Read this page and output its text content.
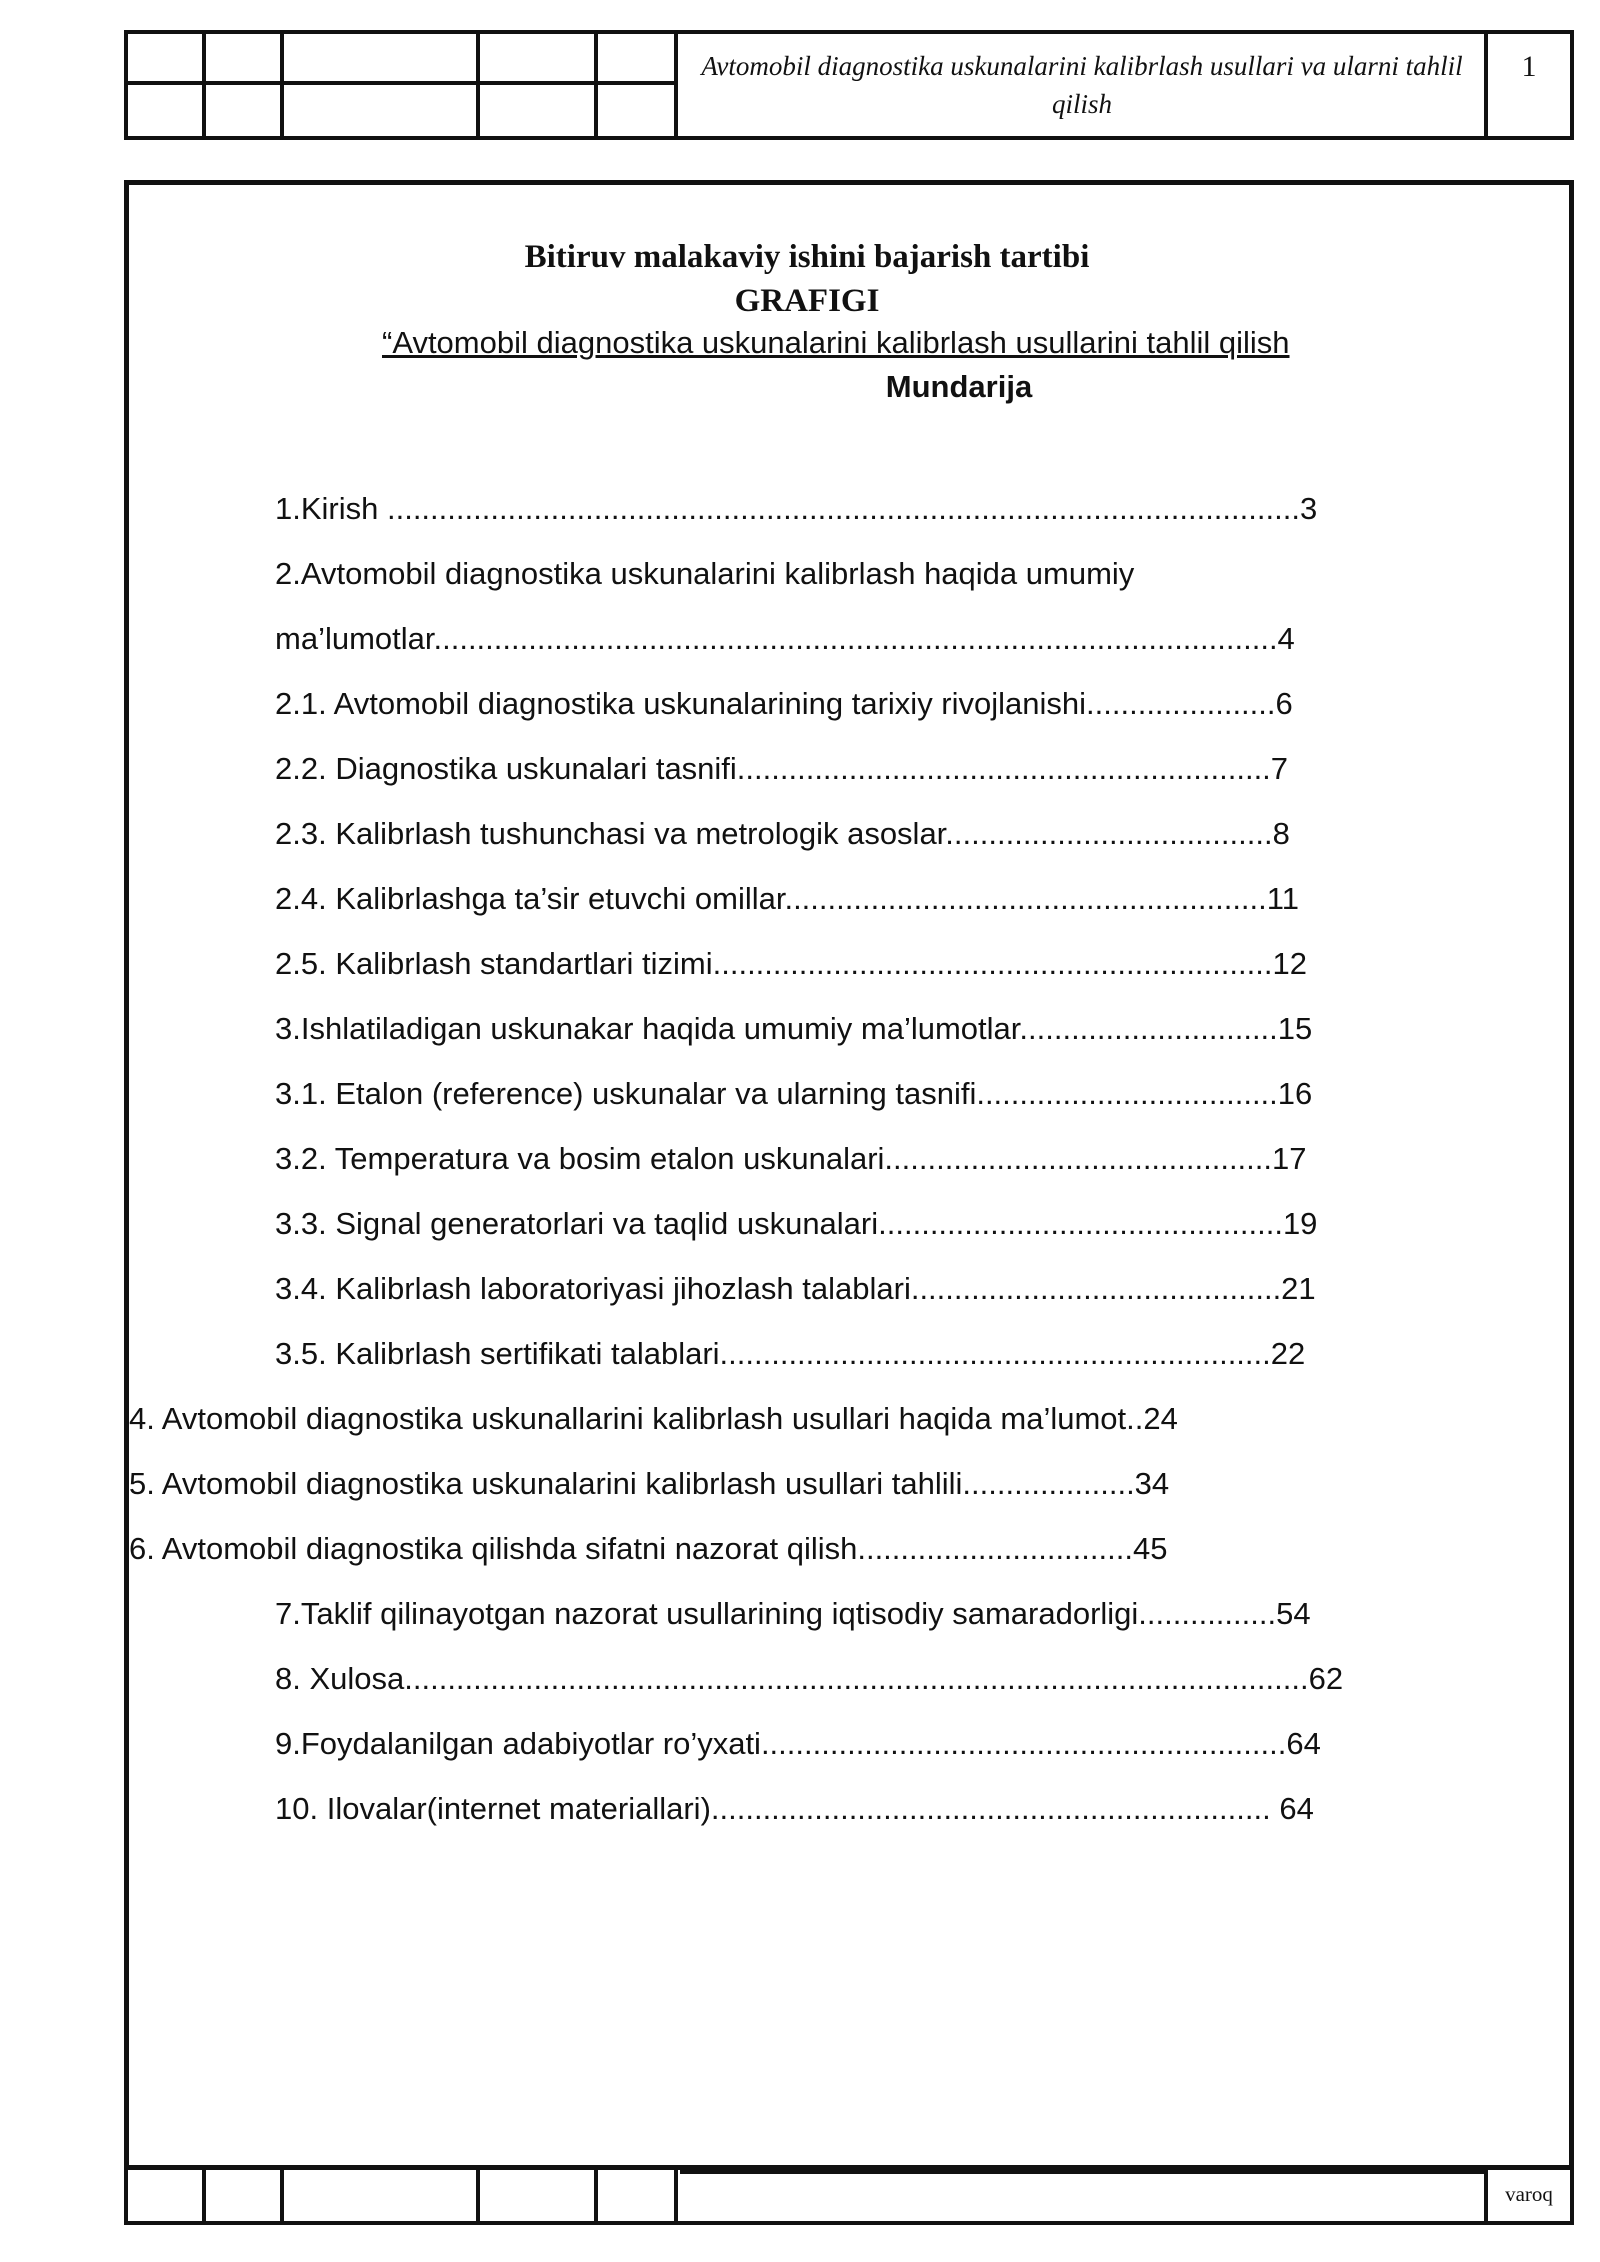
Avtomobil diagnostika uskunalarini kalibrlash usullari va ularni tahlil qilish
1
Bitiruv malakaviy ishini bajarish tartibi
GRAFIGI
“Avtomobil diagnostika uskunalarini kalibrlash usullarini tahlil qilish
Mundarija
1.Kirish ..........................................................................................................3
2.Avtomobil diagnostika uskunalarini kalibrlash haqida umumiy
ma’lumotlar..................................................................................................4
2.1. Avtomobil diagnostika uskunalarining tarixiy rivojlanishi......................6
2.2. Diagnostika uskunalari tasnifi..............................................................7
2.3. Kalibrlash tushunchasi va metrologik asoslar......................................8
2.4. Kalibrlashga ta’sir etuvchi omillar........................................................11
2.5. Kalibrlash standartlari tizimi.................................................................12
3.Ishlatiladigan uskunakar haqida umumiy ma’lumotlar..............................15
3.1. Etalon (reference) uskunalar va ularning tasnifi...................................16
3.2. Temperatura va bosim etalon uskunalari.............................................17
3.3. Signal generatorlari va taqlid uskunalari...............................................19
3.4. Kalibrlash laboratoriyasi jihozlash talablari...........................................21
3.5. Kalibrlash sertifikati talablari................................................................22
4. Avtomobil diagnostika uskunallarini kalibrlash usullari haqida ma’lumot..24
5. Avtomobil diagnostika uskunalarini kalibrlash usullari tahlili....................34
6. Avtomobil diagnostika qilishda sifatni nazorat qilish................................45
7.Taklif qilinayotgan nazorat usullarining iqtisodiy samaradorligi................54
8. Xulosa.........................................................................................................62
9.Foydalanilgan adabiyotlar ro’yxati.............................................................64
10. Ilovalar(internet materiallari)................................................................. 64
varoq
